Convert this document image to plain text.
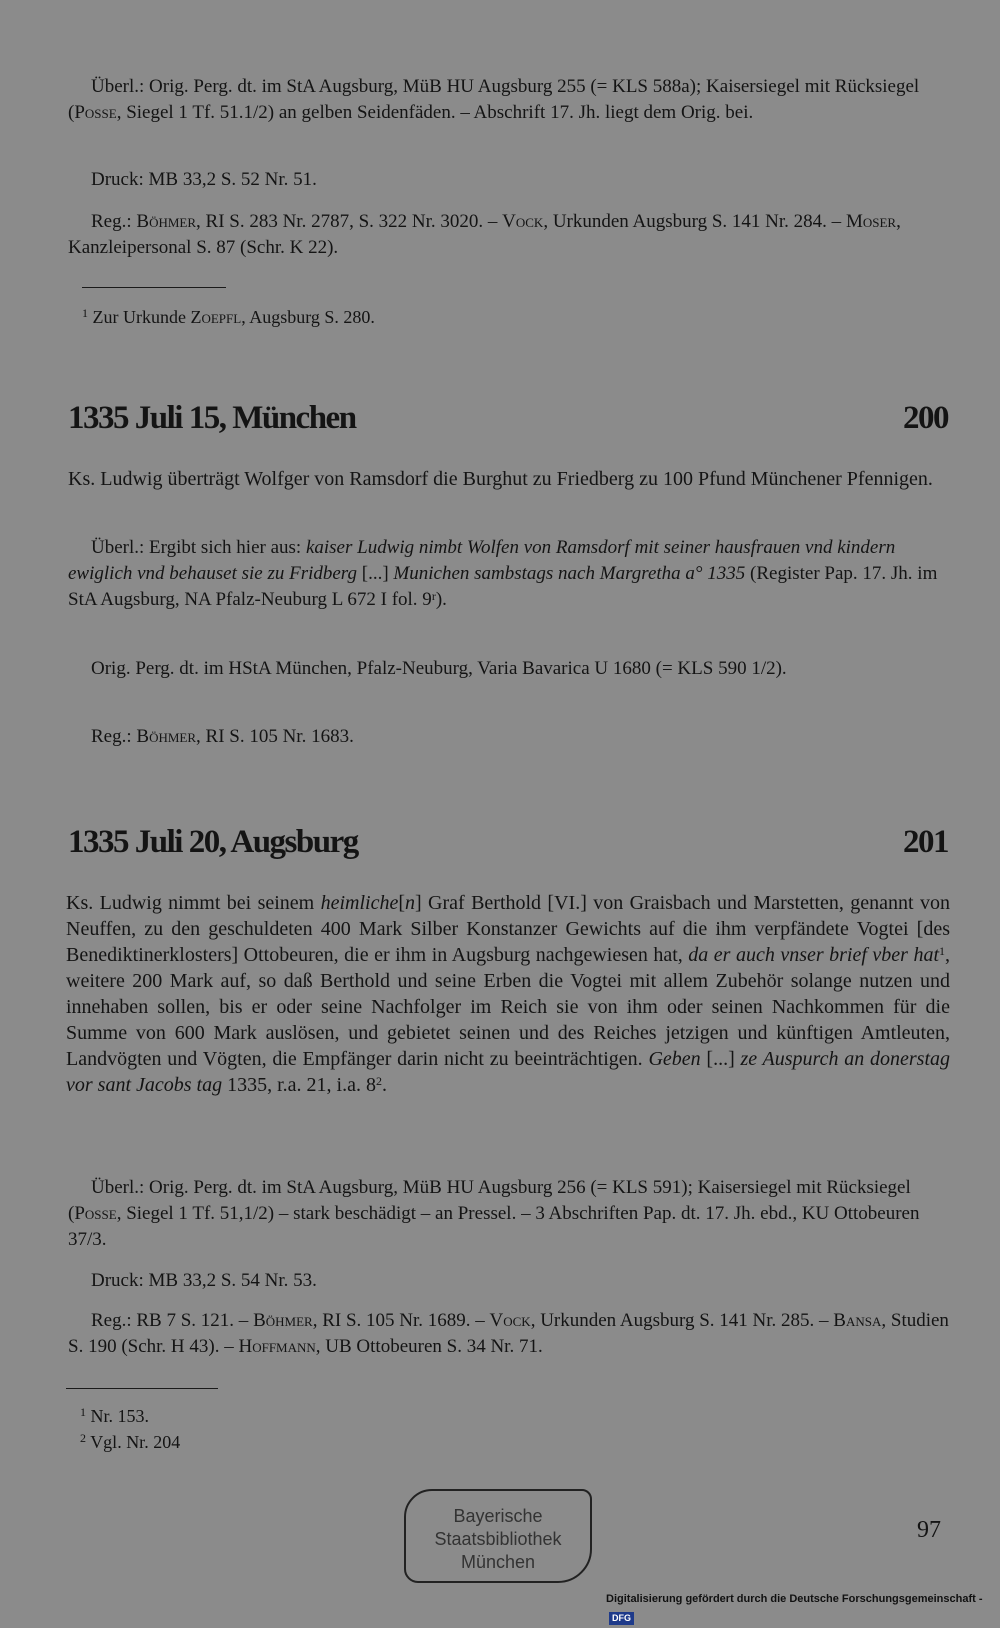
Überl.: Orig. Perg. dt. im StA Augsburg, MüB HU Augsburg 255 (= KLS 588a); Kaisersiegel mit Rücksiegel (Posse, Siegel 1 Tf. 51.1/2) an gelben Seidenfäden. – Abschrift 17. Jh. liegt dem Orig. bei.

Druck: MB 33,2 S. 52 Nr. 51.

Reg.: Böhmer, RI S. 283 Nr. 2787, S. 322 Nr. 3020. – Vock, Urkunden Augsburg S. 141 Nr. 284. – Moser, Kanzleipersonal S. 87 (Schr. K 22).

$^1$ Zur Urkunde Zoepfl, Augsburg S. 280.

1335 Juli 15, München	200

Ks. Ludwig überträgt Wolfger von Ramsdorf die Burghut zu Friedberg zu 100 Pfund Münchener Pfennigen.

Überl.: Ergibt sich hier aus: kaiser Ludwig nimbt Wolfen von Ramsdorf mit seiner hausfrauen vnd kindern ewiglich vnd behauset sie zu Fridberg [...] Munichen sambstags nach Margretha a° 1335 (Register Pap. 17. Jh. im StA Augsburg, NA Pfalz-Neuburg L 672 I fol. 9$^r$).

Orig. Perg. dt. im HStA München, Pfalz-Neuburg, Varia Bavarica U 1680 (= KLS 590 1/2).

Reg.: Böhmer, RI S. 105 Nr. 1683.

1335 Juli 20, Augsburg	201

Ks. Ludwig nimmt bei seinem heimliche[n] Graf Berthold [VI.] von Graisbach und Marstetten, genannt von Neuffen, zu den geschuldeten 400 Mark Silber Konstanzer Gewichts auf die ihm verpfändete Vogtei [des Benediktinerklosters] Ottobeuren, die er ihm in Augsburg nachgewiesen hat, da er auch vnser brief vber hat$^1$, weitere 200 Mark auf, so daß Berthold und seine Erben die Vogtei mit allem Zubehör solange nutzen und innehaben sollen, bis er oder seine Nachfolger im Reich sie von ihm oder seinen Nachkommen für die Summe von 600 Mark auslösen, und gebietet seinen und des Reiches jetzigen und künftigen Amtleuten, Landvögten und Vögten, die Empfänger darin nicht zu beeinträchtigen. Geben [...] ze Auspurch an donerstag vor sant Jacobs tag 1335, r.a. 21, i.a. $8^2$.

Überl.: Orig. Perg. dt. im StA Augsburg, MüB HU Augsburg 256 (= KLS 591); Kaisersiegel mit Rücksiegel (Posse, Siegel 1 Tf. 51,1/2) – stark beschädigt – an Pressel. – 3 Abschriften Pap. dt. 17. Jh. ebd., KU Ottobeuren 37/3.

Druck: MB 33,2 S. 54 Nr. 53.

Reg.: RB 7 S. 121. – Böhmer, RI S. 105 Nr. 1689. – Vock, Urkunden Augsburg S. 141 Nr. 285. – Bansa, Studien S. 190 (Schr. H 43). – Hoffmann, UB Ottobeuren S. 34 Nr. 71.

$^1$ Nr. 153.

$^2$ Vgl. Nr. 204

Bayerische
Staatsbibliothek
München
97
Digitalisierung gefördert durch die Deutsche Forschungsgemeinschaft -DFG
